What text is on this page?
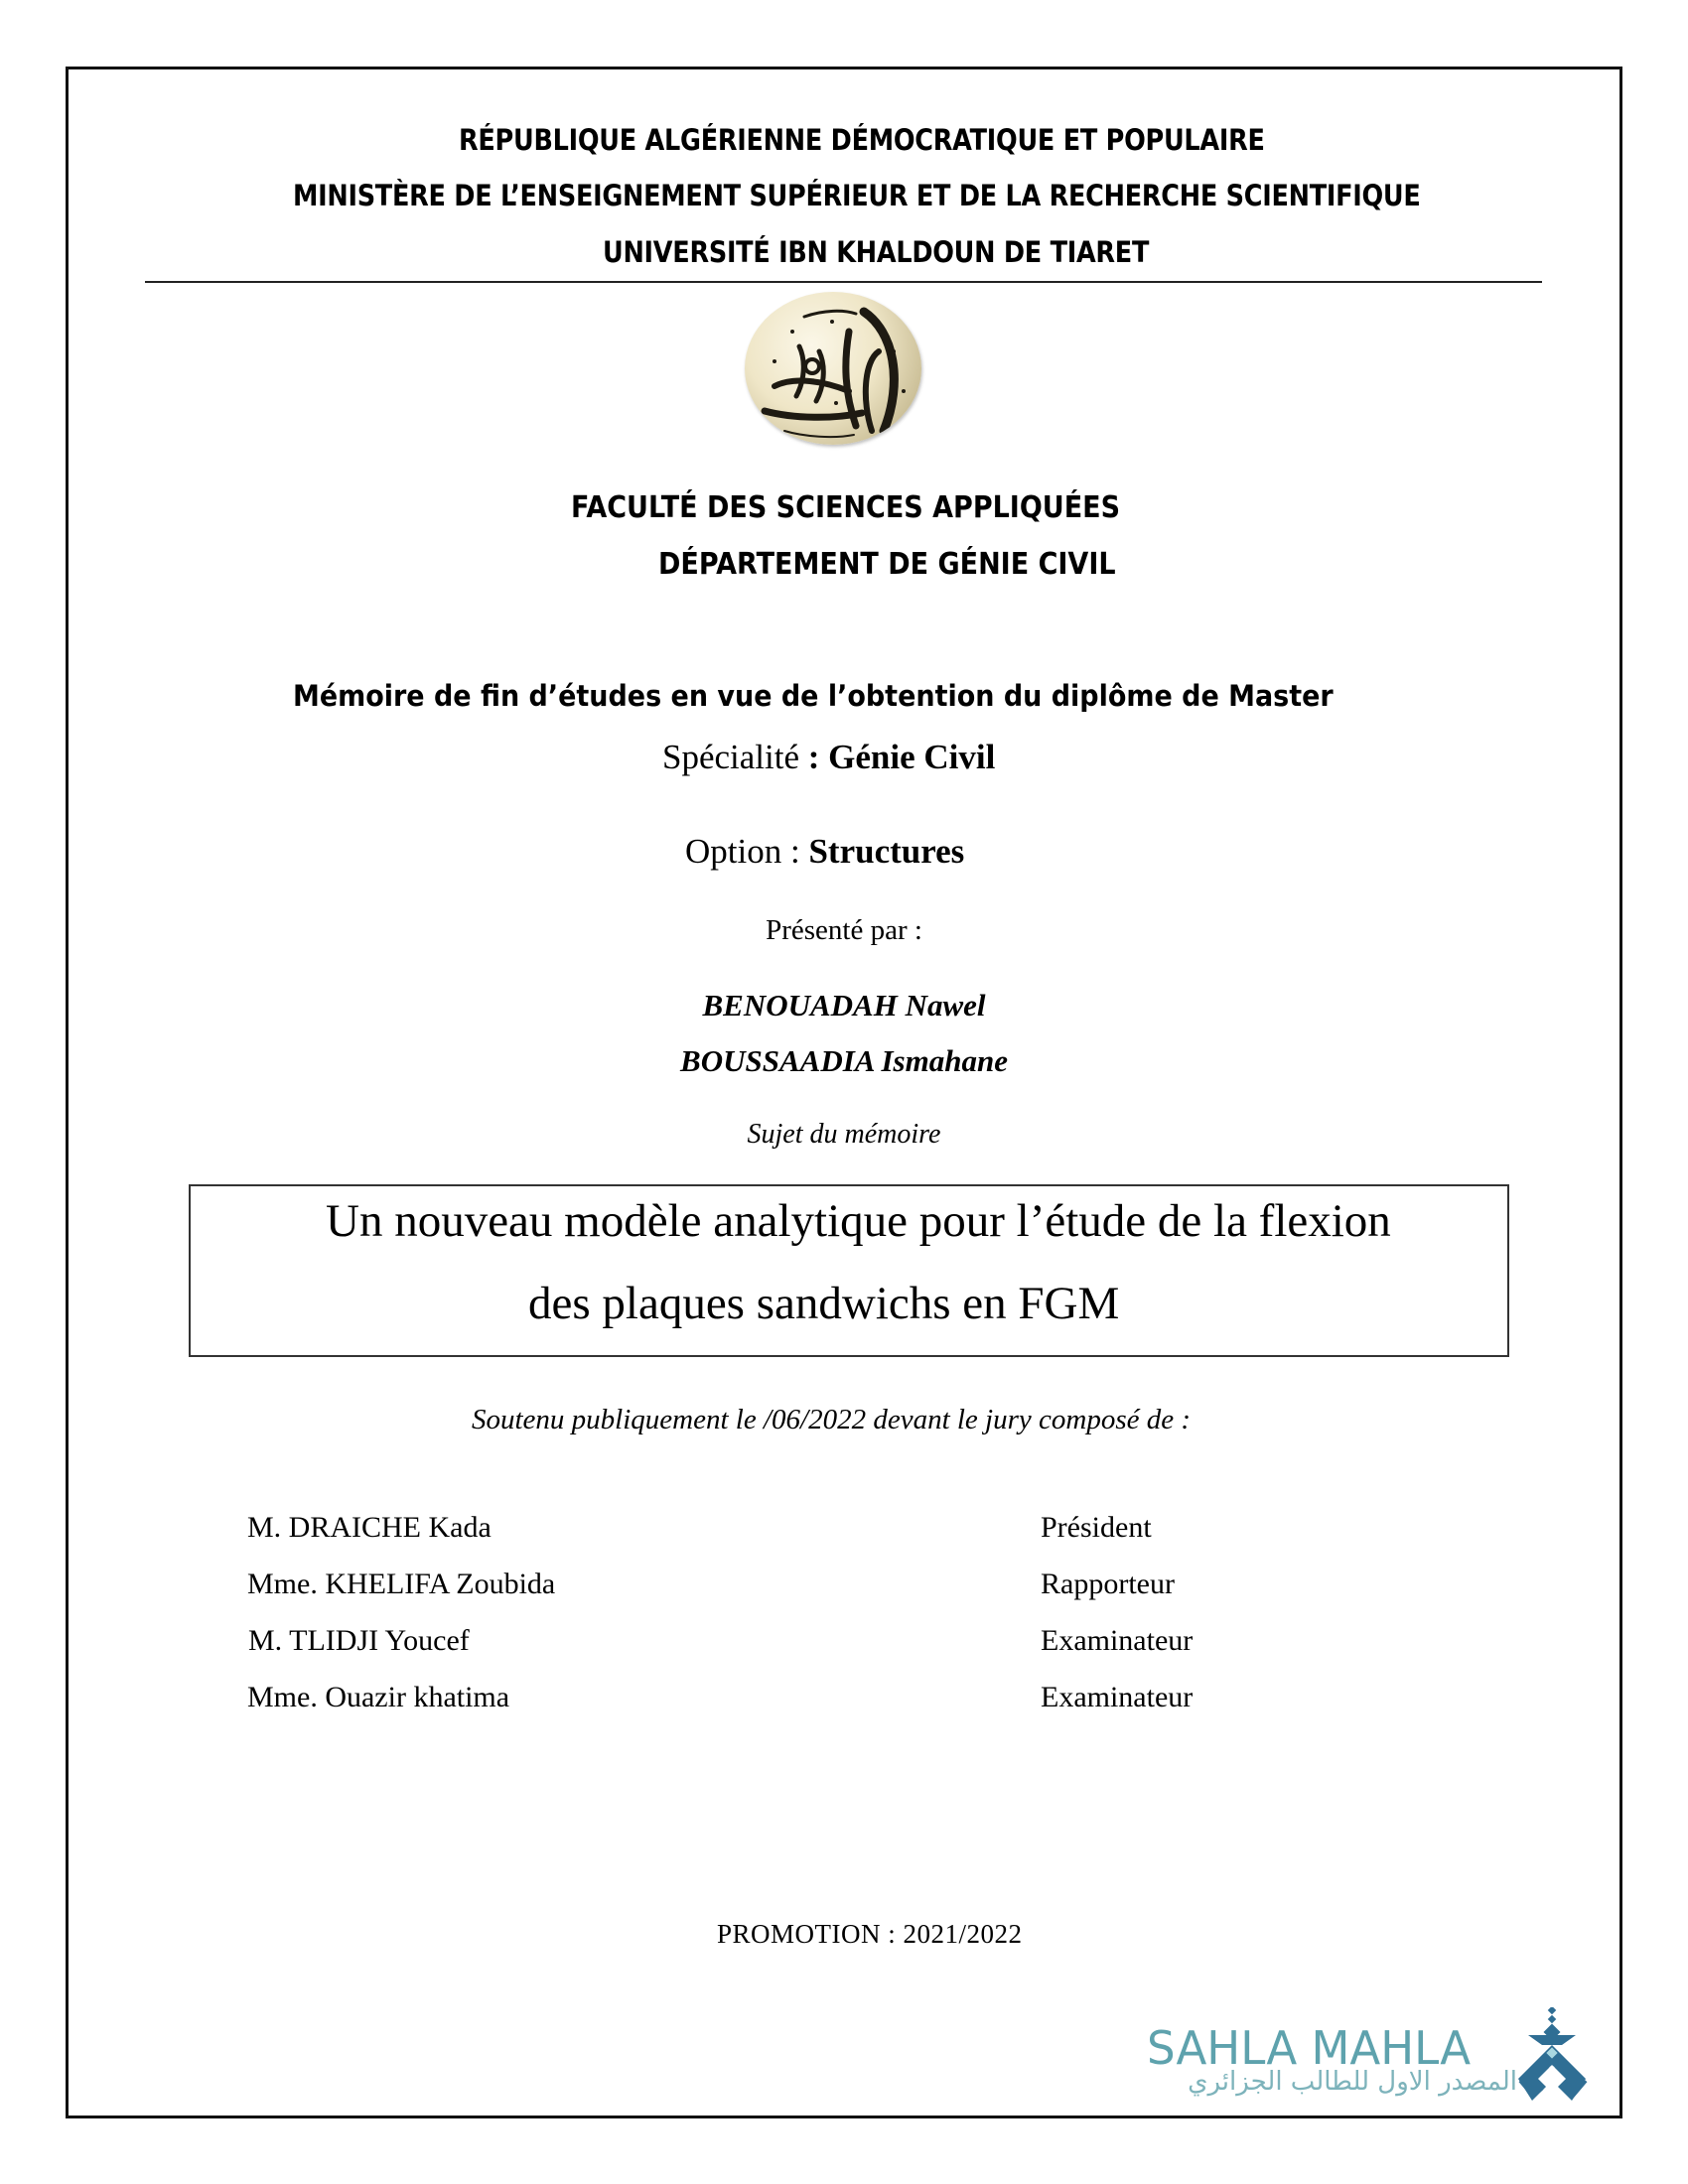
RÉPUBLIQUE ALGÉRIENNE DÉMOCRATIQUE ET POPULAIRE
MINISTÈRE DE L’ENSEIGNEMENT SUPÉRIEUR ET DE LA RECHERCHE SCIENTIFIQUE
UNIVERSITÉ IBN KHALDOUN DE TIARET
FACULTÉ DES SCIENCES APPLIQUÉES
DÉPARTEMENT DE GÉNIE CIVIL
Mémoire de fin d’études en vue de l’obtention du diplôme de Master
Spécialité : Génie Civil
Option : Structures
Présenté par :
BENOUADAH Nawel
BOUSSAADIA Ismahane
Sujet du mémoire
Un nouveau modèle analytique pour l’étude de la flexion
des plaques sandwichs en FGM
Soutenu publiquement le /06/2022 devant le jury composé de :
M. DRAICHE Kada	Président
Mme. KHELIFA Zoubida	Rapporteur
M. TLIDJI Youcef	Examinateur
Mme. Ouazir khatima	Examinateur
PROMOTION : 2021/2022
SAHLA MAHLA
المصدر الاول للطالب الجزائري
